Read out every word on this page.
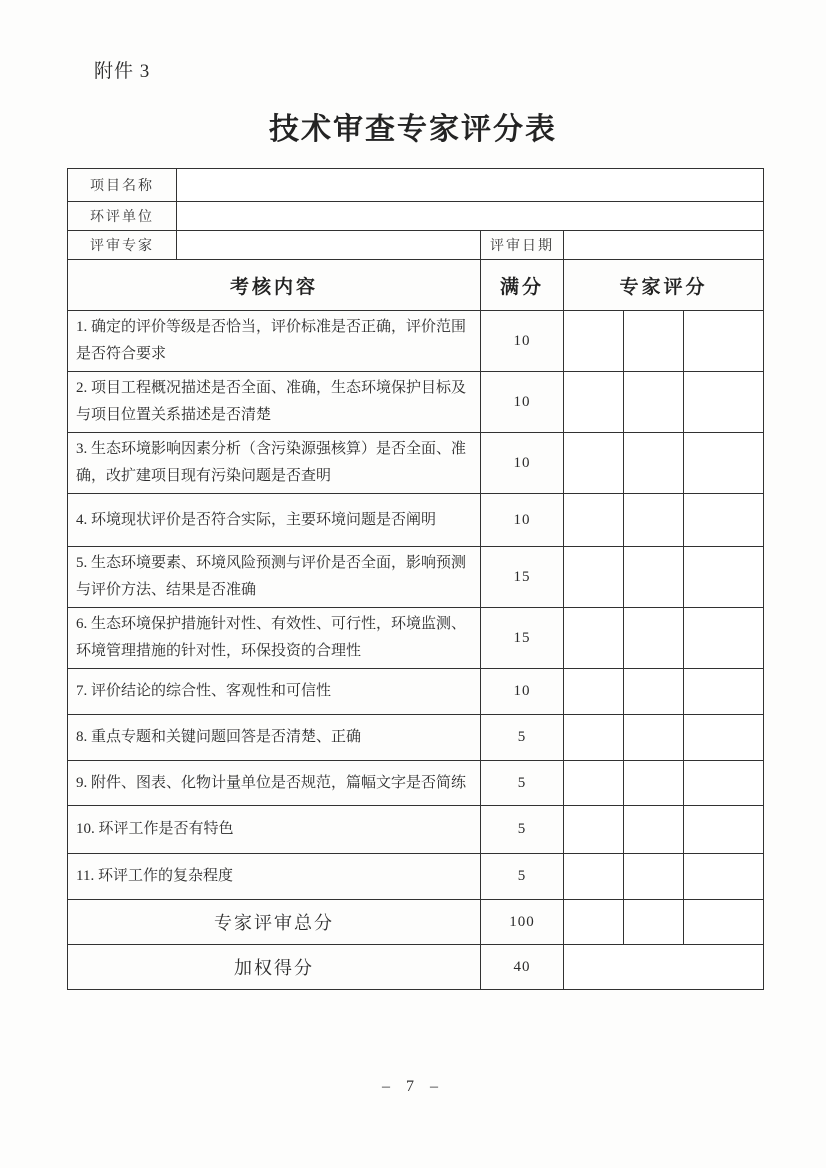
附件 3
技术审查专家评分表
项目名称					
环评单位					
评审专家		评审日期			
考核内容		满分	专家评分		
1. 确定的评价等级是否恰当，评价标准是否正确，评价范围是否符合要求		10			
2. 项目工程概况描述是否全面、准确，生态环境保护目标及与项目位置关系描述是否清楚		10			
3. 生态环境影响因素分析（含污染源强核算）是否全面、准确，改扩建项目现有污染问题是否查明		10			
4. 环境现状评价是否符合实际，主要环境问题是否阐明		10			
5. 生态环境要素、环境风险预测与评价是否全面，影响预测与评价方法、结果是否准确		15			
6. 生态环境保护措施针对性、有效性、可行性，环境监测、环境管理措施的针对性，环保投资的合理性		15			
7. 评价结论的综合性、客观性和可信性		10			
8. 重点专题和关键问题回答是否清楚、正确		5			
9. 附件、图表、化物计量单位是否规范，篇幅文字是否简练		5			
10. 环评工作是否有特色		5			
11. 环评工作的复杂程度		5			
专家评审总分		100			
加权得分		40			
– 7 –
